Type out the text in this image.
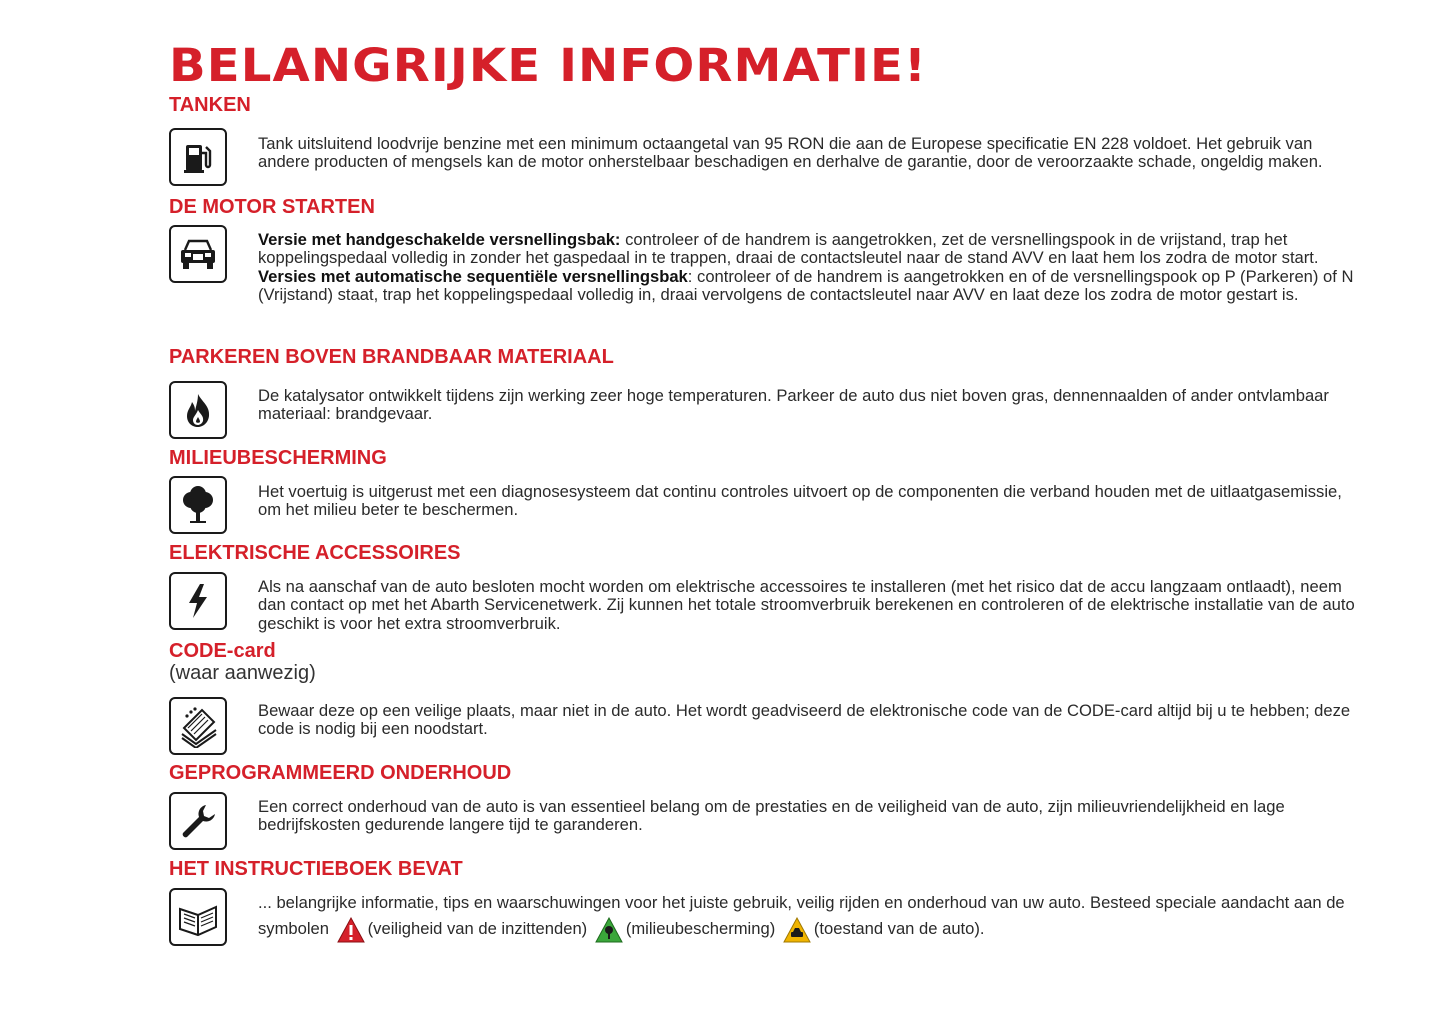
BELANGRIJKE INFORMATIE!
TANKEN

Tank uitsluitend loodvrije benzine met een minimum octaangetal van 95 RON die aan de Europese specificatie EN 228 voldoet. Het gebruik van andere producten of mengsels kan de motor onherstelbaar beschadigen en derhalve de garantie, door de veroorzaakte schade, ongeldig maken.

DE MOTOR STARTEN

Versie met handgeschakelde versnellingsbak: controleer of de handrem is aangetrokken, zet de versnellingspook in de vrijstand, trap het koppelingspedaal volledig in zonder het gaspedaal in te trappen, draai de contactsleutel naar de stand AVV en laat hem los zodra de motor start.
Versies met automatische sequentiële versnellingsbak: controleer of de handrem is aangetrokken en of de versnellingspook op P (Parkeren) of N (Vrijstand) staat, trap het koppelingspedaal volledig in, draai vervolgens de contactsleutel naar AVV en laat deze los zodra de motor gestart is.

PARKEREN BOVEN BRANDBAAR MATERIAAL

De katalysator ontwikkelt tijdens zijn werking zeer hoge temperaturen. Parkeer de auto dus niet boven gras, dennennaalden of ander ontvlambaar materiaal: brandgevaar.

MILIEUBESCHERMING

Het voertuig is uitgerust met een diagnosesysteem dat continu controles uitvoert op de componenten die verband houden met de uitlaatgasemissie, om het milieu beter te beschermen.

ELEKTRISCHE ACCESSOIRES

Als na aanschaf van de auto besloten mocht worden om elektrische accessoires te installeren (met het risico dat de accu langzaam ontlaadt), neem dan contact op met het Abarth Servicenetwerk. Zij kunnen het totale stroomverbruik berekenen en controleren of de elektrische installatie van de auto geschikt is voor het extra stroomverbruik.

CODE-card

(waar aanwezig)

Bewaar deze op een veilige plaats, maar niet in de auto. Het wordt geadviseerd de elektronische code van de CODE-card altijd bij u te hebben; deze code is nodig bij een noodstart.

GEPROGRAMMEERD ONDERHOUD

Een correct onderhoud van de auto is van essentieel belang om de prestaties en de veiligheid van de auto, zijn milieuvriendelijkheid en lage bedrijfskosten gedurende langere tijd te garanderen.

HET INSTRUCTIEBOEK BEVAT

... belangrijke informatie, tips en waarschuwingen voor het juiste gebruik, veilig rijden en onderhoud van uw auto. Besteed speciale aandacht aan de symbolen (veiligheid van de inzittenden) (milieubescherming) (toestand van de auto).
